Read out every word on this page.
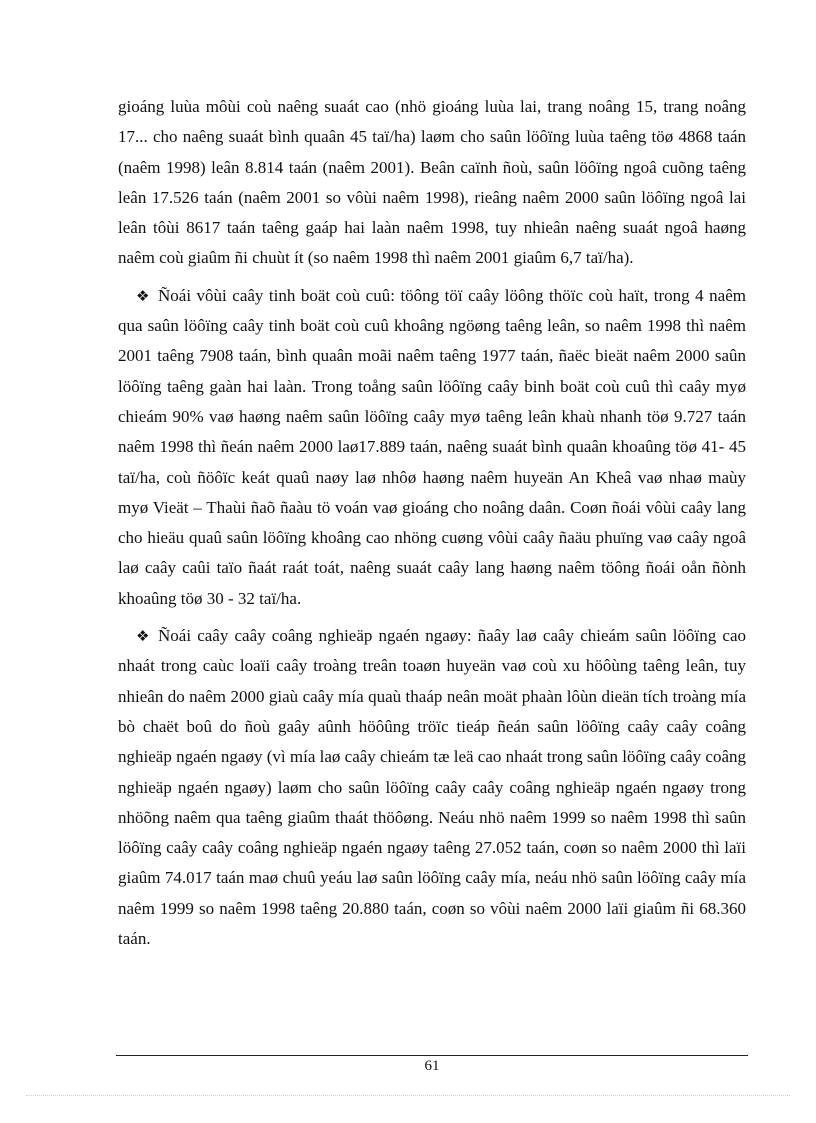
gioáng luùa môùi coù naêng suaát cao (nhö gioáng luùa lai, trang noâng 15, trang noâng 17... cho naêng suaát bình quaân 45 taï/ha) laøm cho saûn löôïng luùa taêng töø 4868 taán (naêm 1998) leân 8.814 taán (naêm 2001). Beân caïnh ñoù, saûn löôïng ngoâ cuõng taêng leân 17.526 taán (naêm 2001 so vôùi naêm 1998), rieâng naêm 2000 saûn löôïng ngoâ lai leân tôùi 8617 taán taêng gaáp hai laàn naêm 1998, tuy nhieân naêng suaát ngoâ haøng naêm coù giaûm ñi chuùt ít (so naêm 1998 thì naêm 2001 giaûm 6,7 taï/ha).

❖ Ñoái vôùi caây tinh boät coù cuû: töông töï caây löông thöïc coù haït, trong 4 naêm qua saûn löôïng caây tinh boät coù cuû khoâng ngöøng taêng leân, so naêm 1998 thì naêm 2001 taêng 7908 taán, bình quaân moãi naêm taêng 1977 taán, ñaëc bieät naêm 2000 saûn löôïng taêng gaàn hai laàn. Trong toång saûn löôïng caây binh boät coù cuû thì caây myø chieám 90% vaø haøng naêm saûn löôïng caây myø taêng leân khaù nhanh töø 9.727 taán naêm 1998 thì ñeán naêm 2000 laø17.889 taán, naêng suaát bình quaân khoaûng töø 41- 45 taï/ha, coù ñöôïc keát quaû naøy laø nhôø haøng naêm huyeän An Kheâ vaø nhaø maùy myø Vieät – Thaùi ñaõ ñaàu tö voán vaø gioáng cho noâng daân. Coøn ñoái vôùi caây lang cho hieäu quaû saûn löôïng khoâng cao nhöng cuøng vôùi caây ñaäu phuïng vaø caây ngoâ laø caây caûi taïo ñaát raát toát, naêng suaát caây lang haøng naêm töông ñoái oån ñònh khoaûng töø 30 - 32 taï/ha.

❖ Ñoái caây caây coâng nghieäp ngaén ngaøy: ñaây laø caây chieám saûn löôïng cao nhaát trong caùc loaïi caây troàng treân toaøn huyeän vaø coù xu höôùng taêng leân, tuy nhieân do naêm 2000 giaù caây mía quaù thaáp neân moät phaàn lôùn dieän tích troàng mía bò chaët boû do ñoù gaây aûnh höôûng tröïc tieáp ñeán saûn löôïng caây caây coâng nghieäp ngaén ngaøy (vì mía laø caây chieám tæ leä cao nhaát trong saûn löôïng caây coâng nghieäp ngaén ngaøy) laøm cho saûn löôïng caây caây coâng nghieäp ngaén ngaøy trong nhöõng naêm qua taêng giaûm thaát thöôøng. Neáu nhö naêm 1999 so naêm 1998 thì saûn löôïng caây caây coâng nghieäp ngaén ngaøy taêng 27.052 taán, coøn so naêm 2000 thì laïi giaûm 74.017 taán maø chuû yeáu laø saûn löôïng caây mía, neáu nhö saûn löôïng caây mía naêm 1999 so naêm 1998 taêng 20.880 taán, coøn so vôùi naêm 2000 laïi giaûm ñi 68.360 taán.

61
